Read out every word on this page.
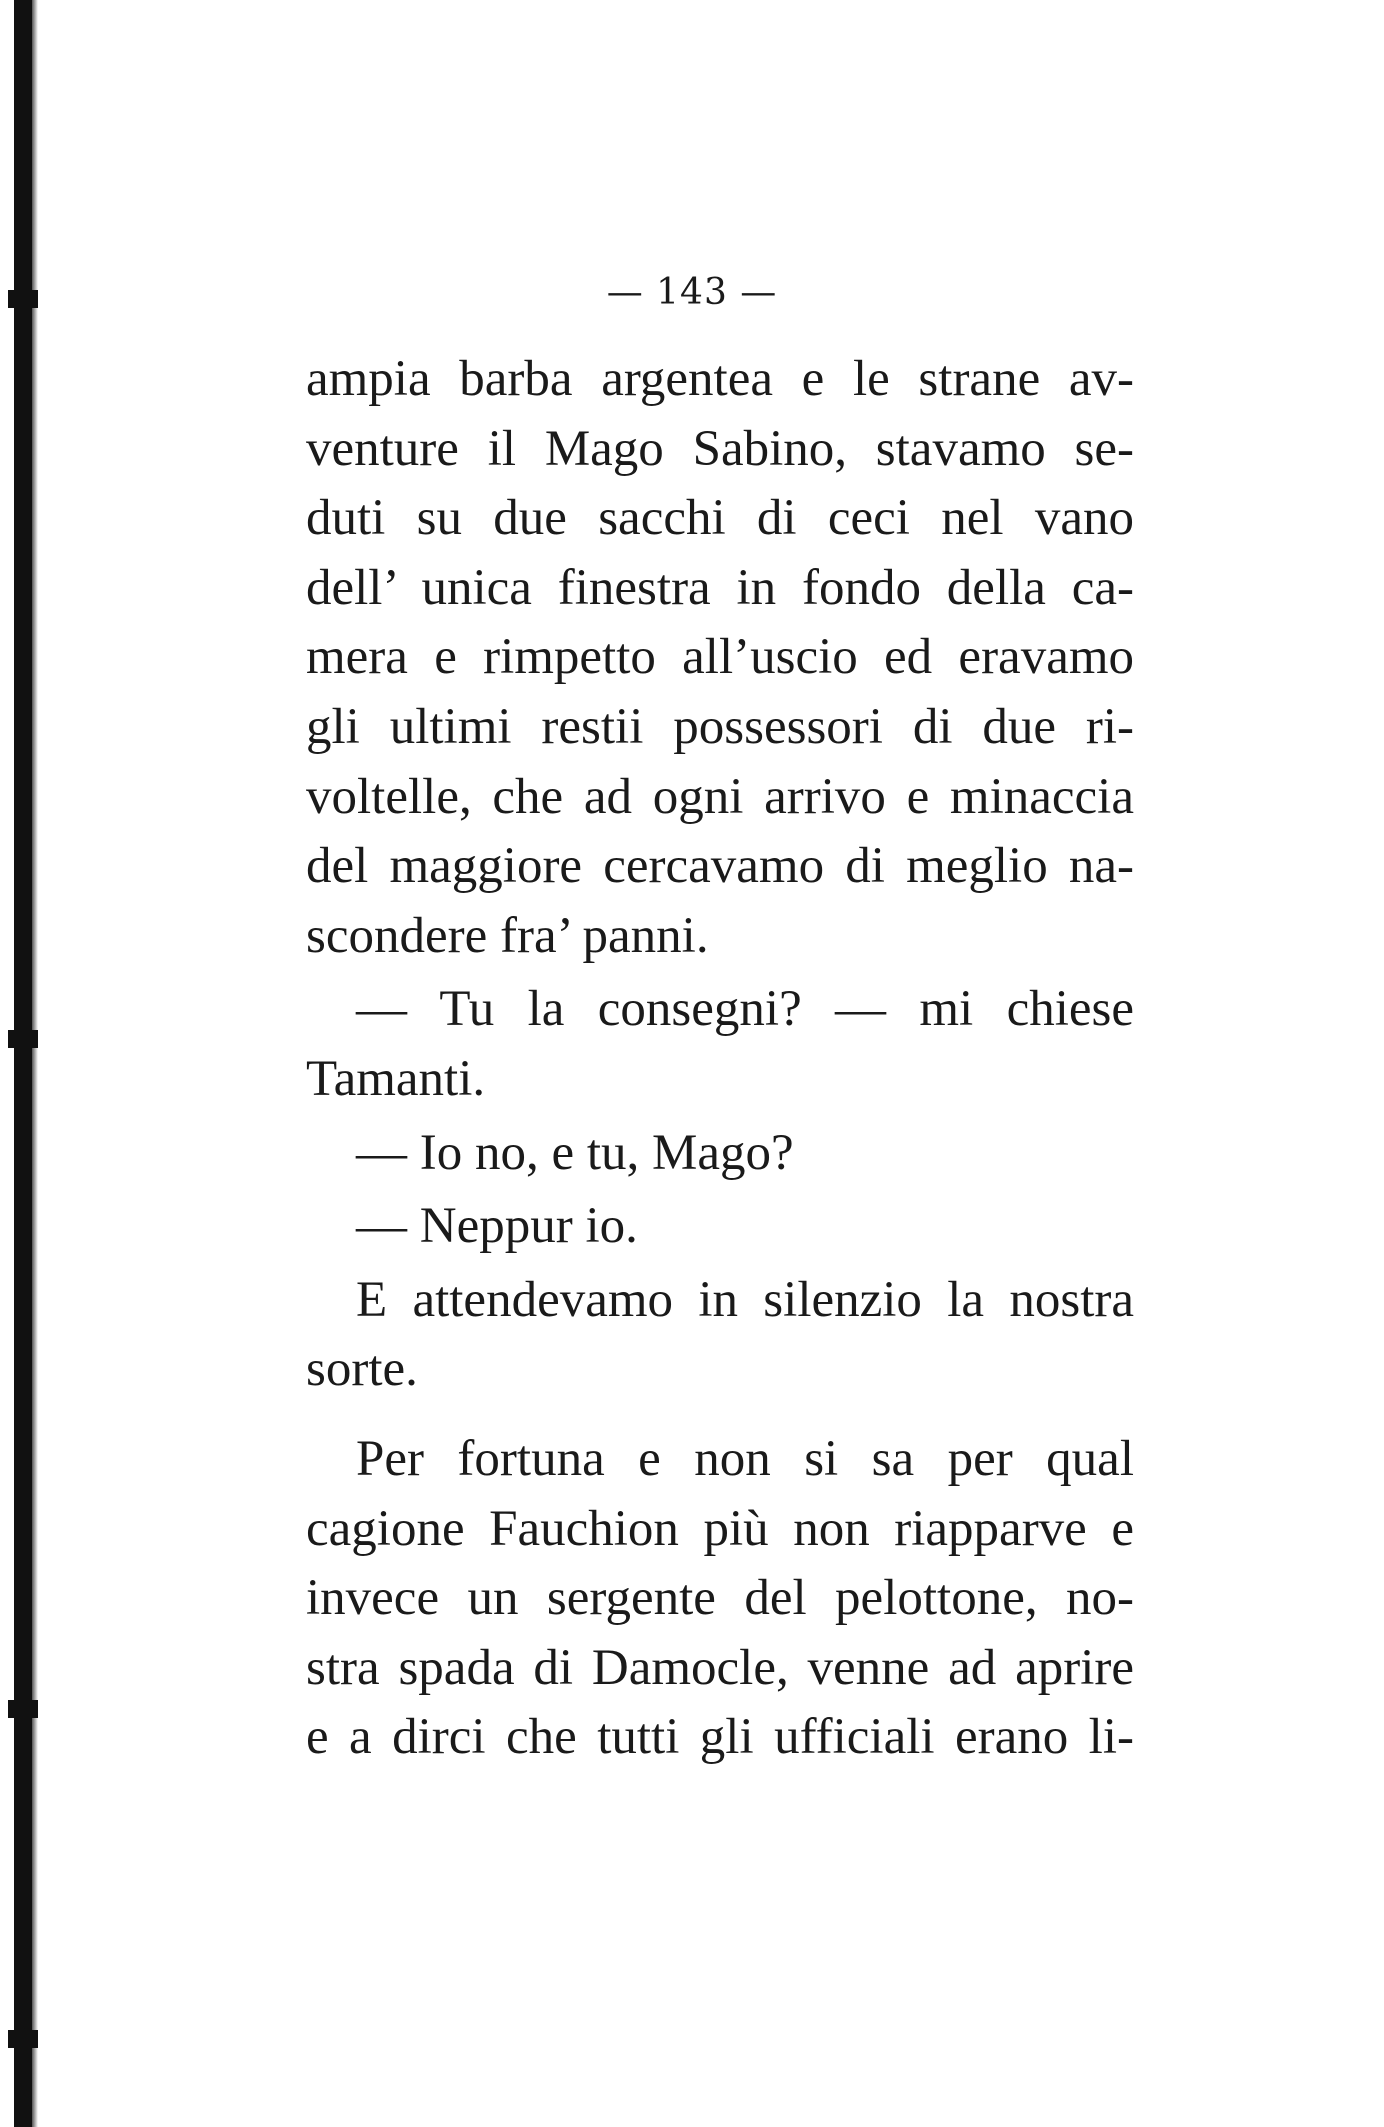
— 143 —
ampia barba argentea e le strane av-
venture il Mago Sabino, stavamo se-
duti su due sacchi di ceci nel vano
dell’ unica finestra in fondo della ca-
mera e rimpetto all’uscio ed eravamo
gli ultimi restii possessori di due ri-
voltelle, che ad ogni arrivo e minaccia
del maggiore cercavamo di meglio na-
scondere fra’ panni.
— Tu la consegni? — mi chiese
Tamanti.
— Io no, e tu, Mago?
— Neppur io.
E attendevamo in silenzio la nostra
sorte.
Per fortuna e non si sa per qual
cagione Fauchion più non riapparve e
invece un sergente del pelottone, no-
stra spada di Damocle, venne ad aprire
e a dirci che tutti gli ufficiali erano li-
